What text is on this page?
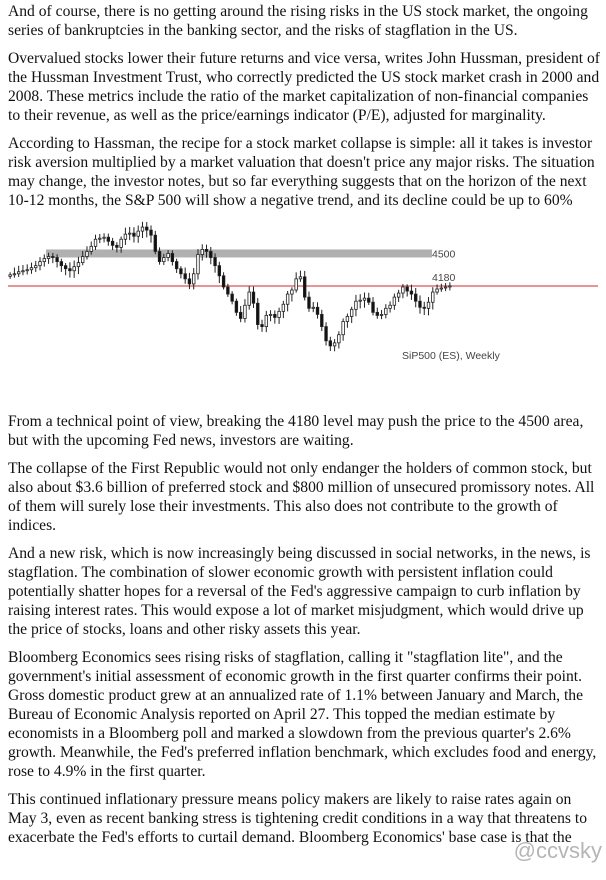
And of course, there is no getting around the rising risks in the US stock market, the ongoing series of bankruptcies in the banking sector, and the risks of stagflation in the US.

Overvalued stocks lower their future returns and vice versa, writes John Hussman, president of the Hussman Investment Trust, who correctly predicted the US stock market crash in 2000 and 2008. These metrics include the ratio of the market capitalization of non-financial companies to their revenue, as well as the price/earnings indicator (P/E), adjusted for marginality.

According to Hassman, the recipe for a stock market collapse is simple: all it takes is investor risk aversion multiplied by a market valuation that doesn't price any major risks. The situation may change, the investor notes, but so far everything suggests that on the horizon of the next 10-12 months, the S&P 500 will show a negative trend, and its decline could be up to 60%

4500
4180
SiP500 (ES), Weekly

From a technical point of view, breaking the 4180 level may push the price to the 4500 area, but with the upcoming Fed news, investors are waiting.

The collapse of the First Republic would not only endanger the holders of common stock, but also about $3.6 billion of preferred stock and $800 million of unsecured promissory notes. All of them will surely lose their investments. This also does not contribute to the growth of indices.

And a new risk, which is now increasingly being discussed in social networks, in the news, is stagflation. The combination of slower economic growth with persistent inflation could potentially shatter hopes for a reversal of the Fed's aggressive campaign to curb inflation by raising interest rates. This would expose a lot of market misjudgment, which would drive up the price of stocks, loans and other risky assets this year.

Bloomberg Economics sees rising risks of stagflation, calling it "stagflation lite", and the government's initial assessment of economic growth in the first quarter confirms their point. Gross domestic product grew at an annualized rate of 1.1% between January and March, the Bureau of Economic Analysis reported on April 27. This topped the median estimate by economists in a Bloomberg poll and marked a slowdown from the previous quarter's 2.6% growth. Meanwhile, the Fed's preferred inflation benchmark, which excludes food and energy, rose to 4.9% in the first quarter.

This continued inflationary pressure means policy makers are likely to raise rates again on May 3, even as recent banking stress is tightening credit conditions in a way that threatens to exacerbate the Fed's efforts to curtail demand. Bloomberg Economics' base case is that the

@ccvsky
